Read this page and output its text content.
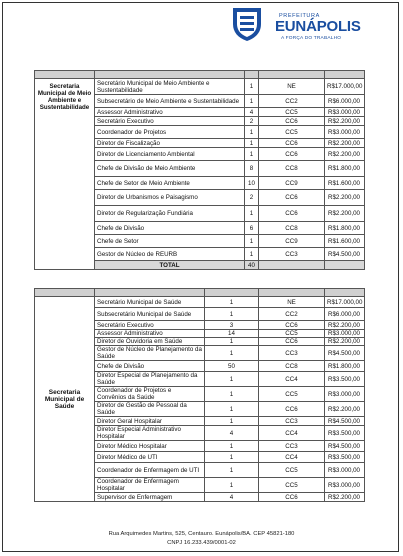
PREFEITURA
EUNÁPOLIS
A FORÇA DO TRABALHO

Secretaria Municipal de Meio Ambiente e Sustentabilidade	Secretário Municipal de Meio Ambiente e Sustentabilidade	1	NE	R$17.000,00
	Subsecretário de Meio Ambiente e Sustentabilidade	1	CC2	R$6.000,00
	Assessor Administrativo	4	CC5	R$3.000,00
	Secretário Executivo	2	CC6	R$2.200,00
	Coordenador de Projetos	1	CC5	R$3.000,00
	Diretor de Fiscalização	1	CC6	R$2.200,00
	Diretor de Licenciamento Ambiental	1	CC6	R$2.200,00
	Chefe de Divisão de Meio Ambiente	8	CC8	R$1.800,00
	Chefe de Setor de Meio Ambiente	10	CC9	R$1.600,00
	Diretor de Urbanismos e Paisagismo	2	CC6	R$2.200,00
	Diretor de Regularização Fundiária	1	CC6	R$2.200,00
	Chefe de Divisão	6	CC8	R$1.800,00
	Chefe de Setor	1	CC9	R$1.600,00
	Gestor de Núcleo de REURB	1	CC3	R$4.500,00
	TOTAL	40		

Secretaria Municipal de Saúde	Secretário Municipal de Saúde	1	NE	R$17.000,00
	Subsecretário Municipal de Saúde	1	CC2	R$6.000,00
	Secretário Executivo	3	CC6	R$2.200,00
	Assessor Administrativo	14	CC5	R$3.000,00
	Diretor de Ouvidoria em Saúde	1	CC6	R$2.200,00
	Gestor de Núcleo de Planejamento da Saúde	1	CC3	R$4.500,00
	Chefe de Divisão	50	CC8	R$1.800,00
	Diretor Especial de Planejamento da Saúde	1	CC4	R$3.500,00
	Coordenador de Projetos e Convênios da Saúde	1	CC5	R$3.000,00
	Diretor de Gestão de Pessoal da Saúde	1	CC6	R$2.200,00
	Diretor Geral Hospitalar	1	CC3	R$4.500,00
	Diretor Especial Administrativo Hospitalar	4	CC4	R$3.500,00
	Diretor Médico Hospitalar	1	CC3	R$4.500,00
	Diretor Médico de UTI	1	CC4	R$3.500,00
	Coordenador de Enfermagem de UTI	1	CC5	R$3.000,00
	Coordenador de Enfermagem Hospitalar	1	CC5	R$3.000,00
	Supervisor de Enfermagem	4	CC6	R$2.200,00
Rua Arquimedes Martins, 525, Centauro. Eunápolis/BA. CEP 45821-180
CNPJ 16.233.439/0001-02
